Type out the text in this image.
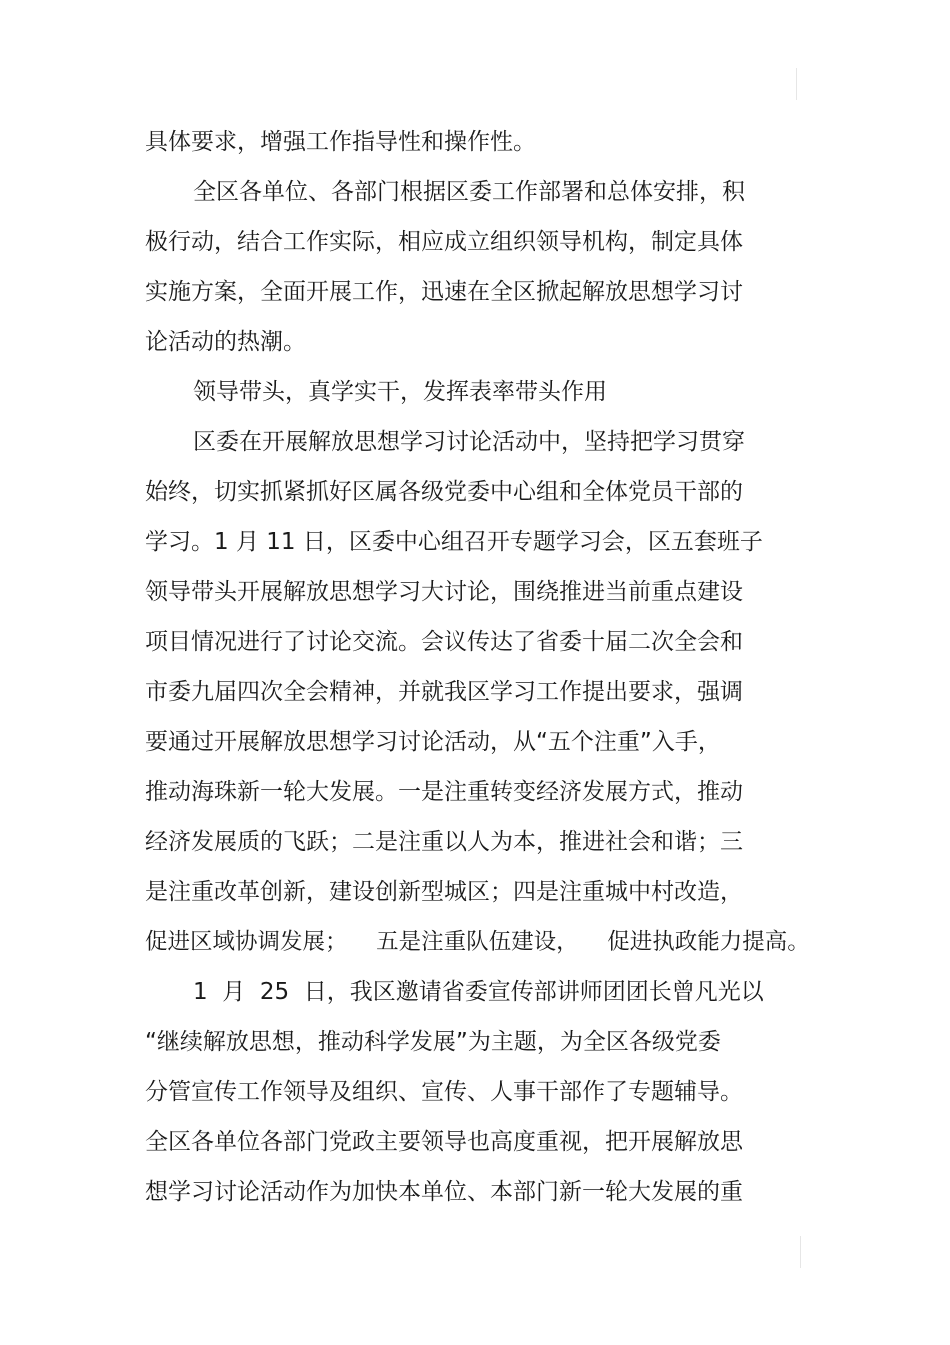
具体要求，增强工作指导性和操作性。
全区各单位、各部门根据区委工作部署和总体安排，积
极行动，结合工作实际，相应成立组织领导机构，制定具体
实施方案，全面开展工作，迅速在全区掀起解放思想学习讨
论活动的热潮。
领导带头，真学实干，发挥表率带头作用
区委在开展解放思想学习讨论活动中，坚持把学习贯穿
始终，切实抓紧抓好区属各级党委中心组和全体党员干部的
学习。1 月 11 日，区委中心组召开专题学习会，区五套班子
领导带头开展解放思想学习大讨论，围绕推进当前重点建设
项目情况进行了讨论交流。会议传达了省委十届二次全会和
市委九届四次全会精神，并就我区学习工作提出要求，强调
要通过开展解放思想学习讨论活动，从“五个注重”入手，
推动海珠新一轮大发展。一是注重转变经济发展方式，推动
经济发展质的飞跃；二是注重以人为本，推进社会和谐；三
是注重改革创新，建设创新型城区；四是注重城中村改造，
促进区域协调发展；    五是注重队伍建设，    促进执政能力提高。
1  月  25  日，我区邀请省委宣传部讲师团团长曾凡光以
“继续解放思想，推动科学发展”为主题，为全区各级党委
分管宣传工作领导及组织、宣传、人事干部作了专题辅导。
全区各单位各部门党政主要领导也高度重视，把开展解放思
想学习讨论活动作为加快本单位、本部门新一轮大发展的重
